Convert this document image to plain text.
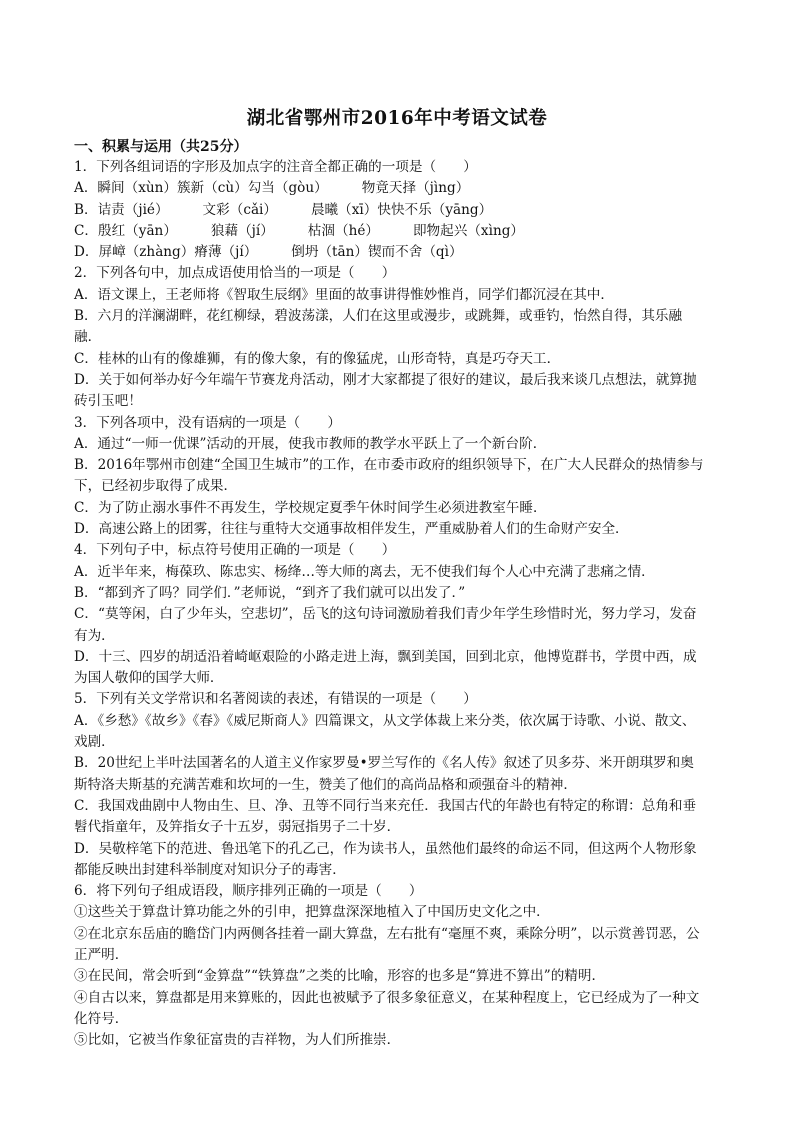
湖北省鄂州市2016年中考语文试卷
一、积累与运用（共25分）
1．下列各组词语的字形及加点字的注音全都正确的一项是（　　）
A．瞬间（xùn）簇新（cù）勾当（gòu）　　　物竟天择（jìng）
B．诘责（jié）　　　文彩（cǎi）　　　晨曦（xī）快快不乐（yāng）
C．殷红（yān）　　　狼藉（jí）　　　枯涸（hé）　　　即物起兴（xìng）
D．屏嶂（zhàng）瘠薄（jí）　　　倒坍（tān）锲而不舍（qì）
2．下列各句中，加点成语使用恰当的一项是（　　）
A．语文课上，王老师将《智取生辰纲》里面的故事讲得惟妙惟肖，同学们都沉浸在其中．
B．六月的洋澜湖畔，花红柳绿，碧波荡漾，人们在这里或漫步，或跳舞，或垂钓，怡然自得，其乐融
融．
C．桂林的山有的像雄狮，有的像大象，有的像猛虎，山形奇特，真是巧夺天工．
D．关于如何举办好今年端午节赛龙舟活动，刚才大家都提了很好的建议，最后我来谈几点想法，就算抛
砖引玉吧！
3．下列各项中，没有语病的一项是（　　）
A．通过“一师一优课”活动的开展，使我市教师的教学水平跃上了一个新台阶．
B．2016年鄂州市创建“全国卫生城市”的工作，在市委市政府的组织领导下，在广大人民群众的热情参与
下，已经初步取得了成果．
C．为了防止溺水事件不再发生，学校规定夏季午休时间学生必须进教室午睡．
D．高速公路上的团雾，往往与重特大交通事故相伴发生，严重威胁着人们的生命财产安全．
4．下列句子中，标点符号使用正确的一项是（　　）
A．近半年来，梅葆玖、陈忠实、杨绛…等大师的离去，无不使我们每个人心中充满了悲痛之情．
B．“都到齐了吗？同学们．”老师说，“到齐了我们就可以出发了．”
C．“莫等闲，白了少年头，空悲切”，岳飞的这句诗词激励着我们青少年学生珍惜时光，努力学习，发奋
有为．
D．十三、四岁的胡适沿着崎岖艰险的小路走进上海，飘到美国，回到北京，他博览群书，学贯中西，成
为国人敬仰的国学大师．
5．下列有关文学常识和名著阅读的表述，有错误的一项是（　　）
A．《乡愁》《故乡》《春》《威尼斯商人》四篇课文，从文学体裁上来分类，依次属于诗歌、小说、散文、
戏剧．
B．20世纪上半叶法国著名的人道主义作家罗曼•罗兰写作的《名人传》叙述了贝多芬、米开朗琪罗和奥
斯特洛夫斯基的充满苦难和坎坷的一生，赞美了他们的高尚品格和顽强奋斗的精神．
C．我国戏曲剧中人物由生、旦、净、丑等不同行当来充任．我国古代的年龄也有特定的称谓：总角和垂
髫代指童年，及笄指女子十五岁，弱冠指男子二十岁．
D．吴敬梓笔下的范进、鲁迅笔下的孔乙己，作为读书人，虽然他们最终的命运不同，但这两个人物形象
都能反映出封建科举制度对知识分子的毒害．
6．将下列句子组成语段，顺序排列正确的一项是（　　）
①这些关于算盘计算功能之外的引申，把算盘深深地植入了中国历史文化之中．
②在北京东岳庙的瞻岱门内两侧各挂着一副大算盘，左右批有“毫厘不爽，乘除分明”，以示赏善罚恶，公
正严明．
③在民间，常会听到“金算盘”“铁算盘”之类的比喻，形容的也多是“算进不算出”的精明．
④自古以来，算盘都是用来算账的，因此也被赋予了很多象征意义，在某种程度上，它已经成为了一种文
化符号．
⑤比如，它被当作象征富贵的吉祥物，为人们所推崇．
